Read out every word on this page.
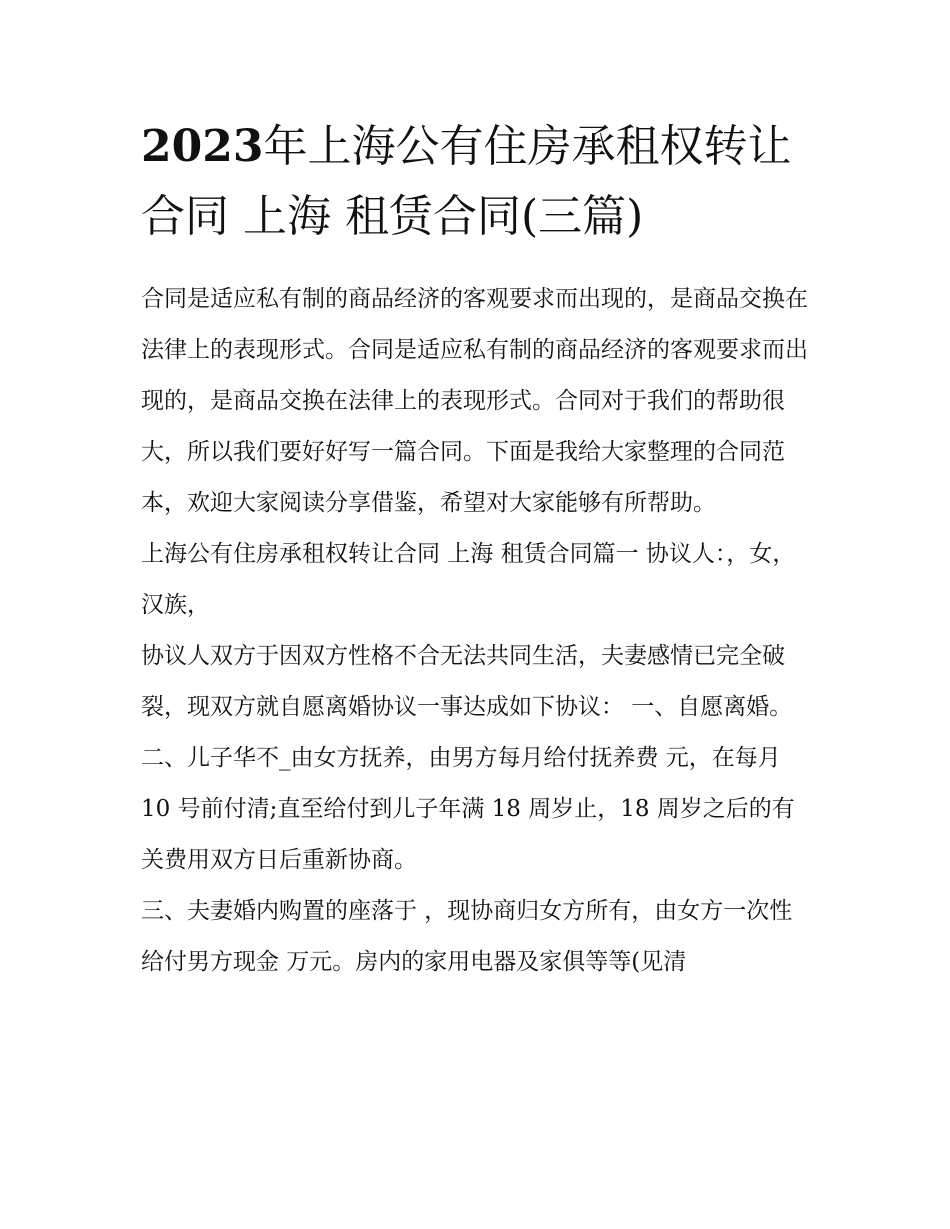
2023年上海公有住房承租权转让合同 上海 租赁合同(三篇)

合同是适应私有制的商品经济的客观要求而出现的，是商品交换在法律上的表现形式。合同是适应私有制的商品经济的客观要求而出现的，是商品交换在法律上的表现形式。合同对于我们的帮助很大，所以我们要好好写一篇合同。下面是我给大家整理的合同范本，欢迎大家阅读分享借鉴，希望对大家能够有所帮助。

上海公有住房承租权转让合同 上海 租赁合同篇一 协议人：，女，汉族，

协议人双方于因双方性格不合无法共同生活，夫妻感情已完全破裂，现双方就自愿离婚协议一事达成如下协议： 一、自愿离婚。

二、儿子华不_由女方抚养，由男方每月给付抚养费 元，在每月 10 号前付清;直至给付到儿子年满 18 周岁止，18 周岁之后的有关费用双方日后重新协商。

三、夫妻婚内购置的座落于 ，现协商归女方所有，由女方一次性给付男方现金 万元。房内的家用电器及家俱等等(见清
